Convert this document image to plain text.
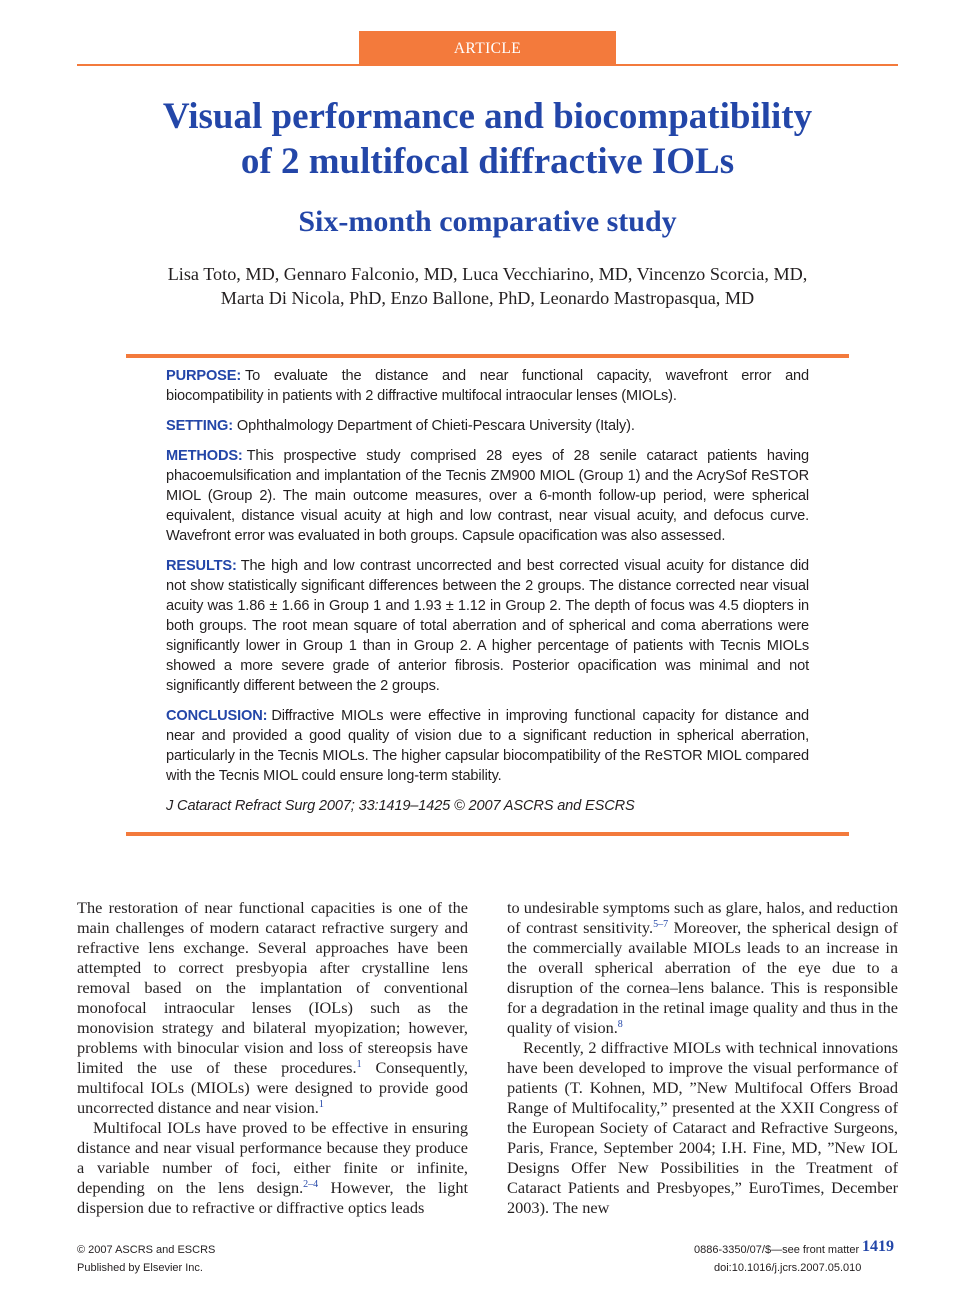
ARTICLE
Visual performance and biocompatibility
of 2 multifocal diffractive IOLs
Six-month comparative study

Lisa Toto, MD, Gennaro Falconio, MD, Luca Vecchiarino, MD, Vincenzo Scorcia, MD,
Marta Di Nicola, PhD, Enzo Ballone, PhD, Leonardo Mastropasqua, MD

PURPOSE: To evaluate the distance and near functional capacity, wavefront error and biocompatibility in patients with 2 diffractive multifocal intraocular lenses (MIOLs).

SETTING: Ophthalmology Department of Chieti-Pescara University (Italy).

METHODS: This prospective study comprised 28 eyes of 28 senile cataract patients having phacoemulsification and implantation of the Tecnis ZM900 MIOL (Group 1) and the AcrySof ReSTOR MIOL (Group 2). The main outcome measures, over a 6-month follow-up period, were spherical equivalent, distance visual acuity at high and low contrast, near visual acuity, and defocus curve. Wavefront error was evaluated in both groups. Capsule opacification was also assessed.

RESULTS: The high and low contrast uncorrected and best corrected visual acuity for distance did not show statistically significant differences between the 2 groups. The distance corrected near visual acuity was 1.86 ± 1.66 in Group 1 and 1.93 ± 1.12 in Group 2. The depth of focus was 4.5 diopters in both groups. The root mean square of total aberration and of spherical and coma aberrations were significantly lower in Group 1 than in Group 2. A higher percentage of patients with Tecnis MIOLs showed a more severe grade of anterior fibrosis. Posterior opacification was minimal and not significantly different between the 2 groups.

CONCLUSION: Diffractive MIOLs were effective in improving functional capacity for distance and near and provided a good quality of vision due to a significant reduction in spherical aberration, particularly in the Tecnis MIOLs. The higher capsular biocompatibility of the ReSTOR MIOL compared with the Tecnis MIOL could ensure long-term stability.

J Cataract Refract Surg 2007; 33:1419–1425 © 2007 ASCRS and ESCRS

The restoration of near functional capacities is one of the main challenges of modern cataract refractive surgery and refractive lens exchange. Several approaches have been attempted to correct presbyopia after crystalline lens removal based on the implantation of conventional monofocal intraocular lenses (IOLs) such as the monovision strategy and bilateral myopization; however, problems with binocular vision and loss of stereopsis have limited the use of these procedures.$^1$ Consequently, multifocal IOLs (MIOLs) were designed to provide good uncorrected distance and near vision.$^1$

Multifocal IOLs have proved to be effective in ensuring distance and near visual performance because they produce a variable number of foci, either finite or infinite, depending on the lens design.$^{2-4}$ However, the light dispersion due to refractive or diffractive optics leads

to undesirable symptoms such as glare, halos, and reduction of contrast sensitivity.$^{5-7}$ Moreover, the spherical design of the commercially available MIOLs leads to an increase in the overall spherical aberration of the eye due to a disruption of the cornea–lens balance. This is responsible for a degradation in the retinal image quality and thus in the quality of vision.$^8$

Recently, 2 diffractive MIOLs with technical innovations have been developed to improve the visual performance of patients (T. Kohnen, MD, ”New Multifocal Offers Broad Range of Multifocality,” presented at the XXII Congress of the European Society of Cataract and Refractive Surgeons, Paris, France, September 2004; I.H. Fine, MD, ”New IOL Designs Offer New Possibilities in the Treatment of Cataract Patients and Presbyopes,” EuroTimes, December 2003). The new

© 2007 ASCRS and ESCRS
Published by Elsevier Inc.
0886-3350/07/$—see front matter
doi:10.1016/j.jcrs.2007.05.010
1419
